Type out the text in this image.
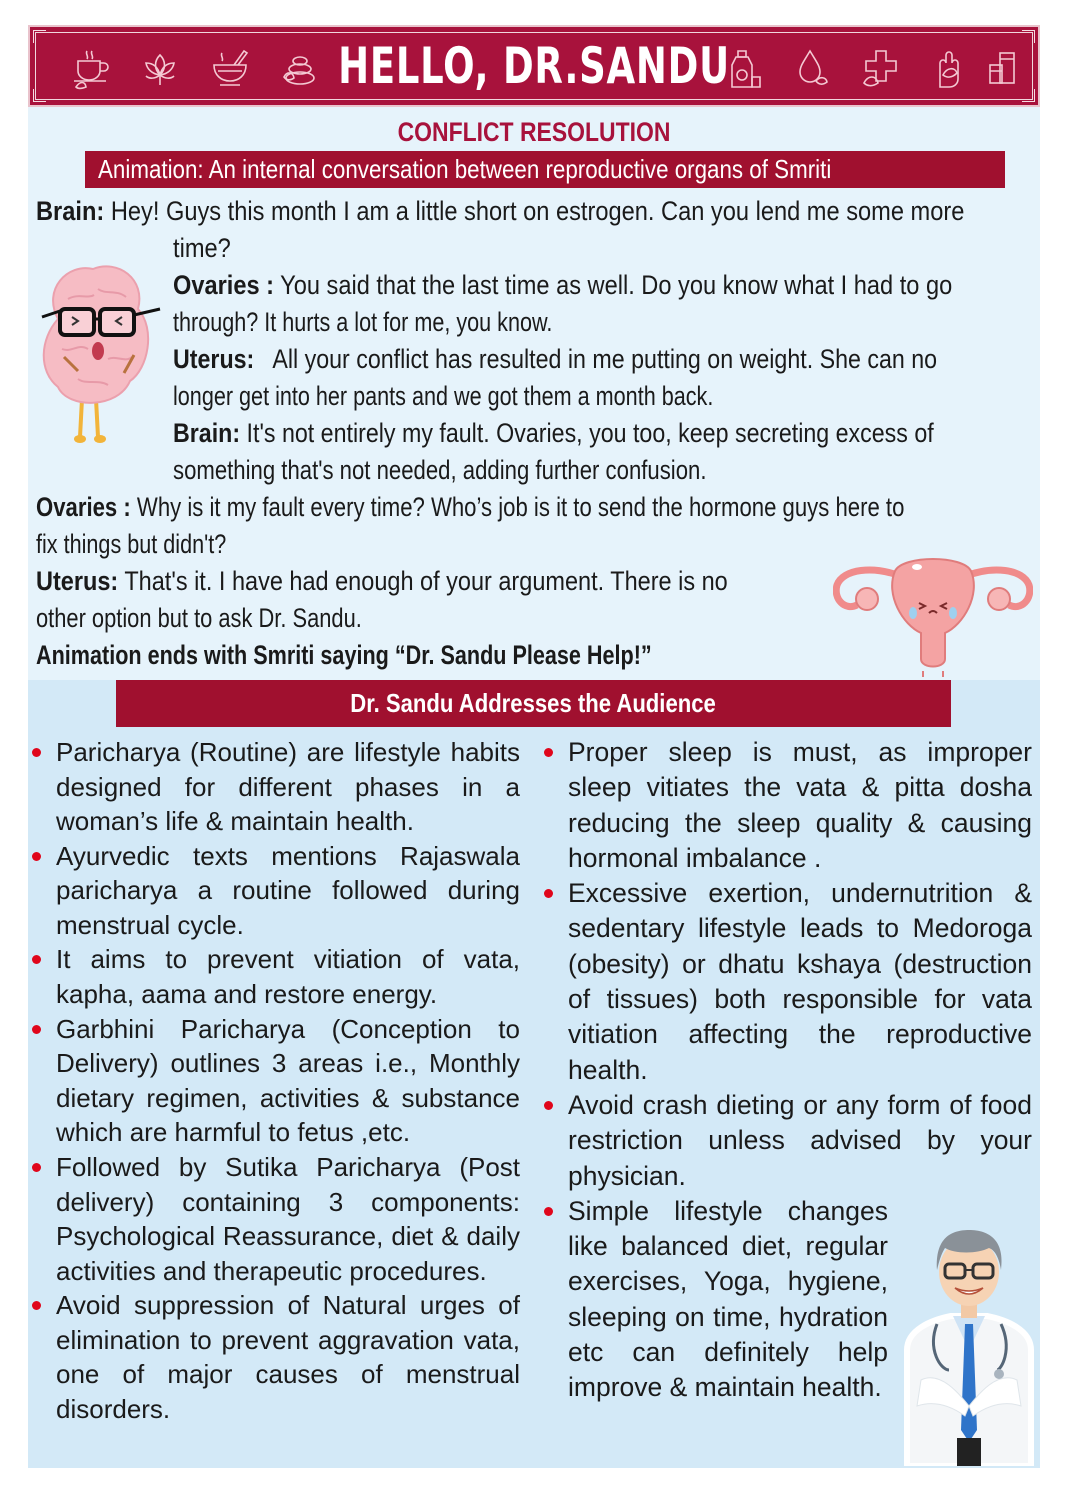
HELLO, DR.SANDU
CONFLICT RESOLUTION
Animation: An internal conversation between reproductive organs of Smriti
Brain: Hey! Guys this month I am a little short on estrogen. Can you lend me some more
time?
Ovaries : You said that the last time as well. Do you know what I had to go
through? It hurts a lot for me, you know.
Uterus: All your conflict has resulted in me putting on weight. She can no
longer get into her pants and we got them a month back.
Brain: It's not entirely my fault. Ovaries, you too, keep secreting excess of
something that's not needed, adding further confusion.
Ovaries : Why is it my fault every time? Who’s job is it to send the hormone guys here to
fix things but didn't?
Uterus: That's it. I have had enough of your argument. There is no
other option but to ask Dr. Sandu.
Animation ends with Smriti saying “Dr. Sandu Please Help!”
Dr. Sandu Addresses the Audience
Paricharya (Routine) are lifestyle habits designed for different phases in a woman’s life & maintain health.
Ayurvedic texts mentions Rajaswala paricharya a routine followed during menstrual cycle.
It aims to prevent vitiation of vata, kapha, aama and restore energy.
Garbhini Paricharya (Conception to Delivery) outlines 3 areas i.e., Monthly dietary regimen, activities & substance which are harmful to fetus ,etc.
Followed by Sutika Paricharya (Post delivery) containing 3 components: Psychological Reassurance, diet & daily activities and therapeutic procedures.
Avoid suppression of Natural urges of elimination to prevent aggravation vata, one of major causes of menstrual disorders.
Proper sleep is must, as improper sleep vitiates the vata & pitta dosha reducing the sleep quality & causing hormonal imbalance .
Excessive exertion, undernutrition & sedentary lifestyle leads to Medoroga (obesity) or dhatu kshaya (destruction of tissues) both responsible for vata vitiation affecting the reproductive health.
Avoid crash dieting or any form of food restriction unless advised by your physician.
Simple lifestyle changes like balanced diet, regular exercises, Yoga, hygiene, sleeping on time, hydration etc can definitely help improve & maintain health.
